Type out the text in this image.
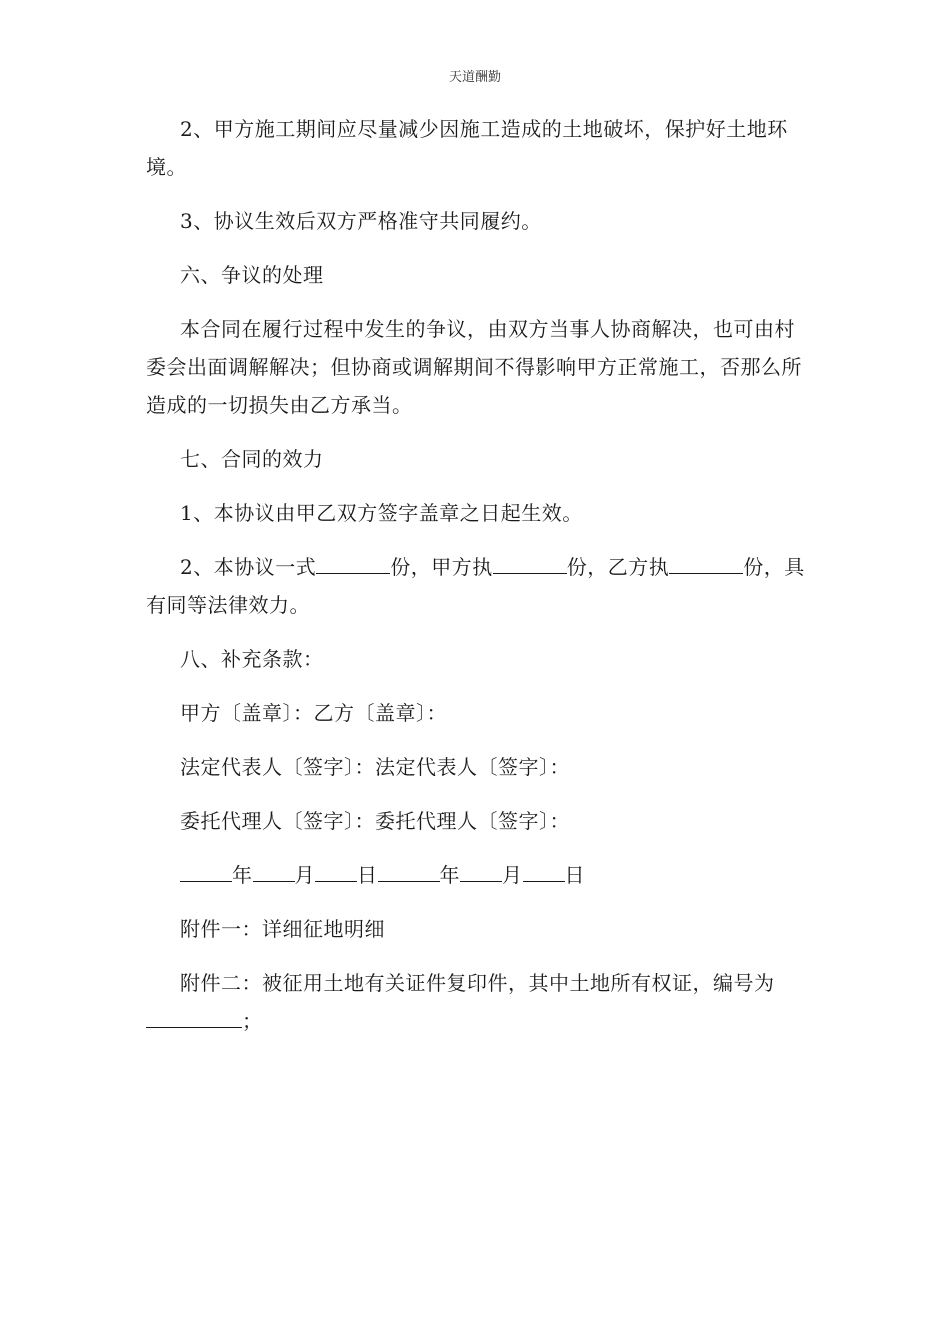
天道酬勤

2、甲方施工期间应尽量减少因施工造成的土地破坏，保护好土地环境。

3、协议生效后双方严格准守共同履约。

六、争议的处理

本合同在履行过程中发生的争议，由双方当事人协商解决，也可由村委会出面调解解决；但协商或调解期间不得影响甲方正常施工，否那么所造成的一切损失由乙方承当。

七、合同的效力

1、本协议由甲乙双方签字盖章之日起生效。

2、本协议一式	份，甲方执	份，乙方执	份，具有同等法律效力。

八、补充条款：

甲方〔盖章〕：乙方〔盖章〕：

法定代表人〔签字〕：法定代表人〔签字〕：

委托代理人〔签字〕：委托代理人〔签字〕：

年 月 日	年 月 日

附件一：详细征地明细

附件二：被征用土地有关证件复印件，其中土地所有权证，编号为
；
